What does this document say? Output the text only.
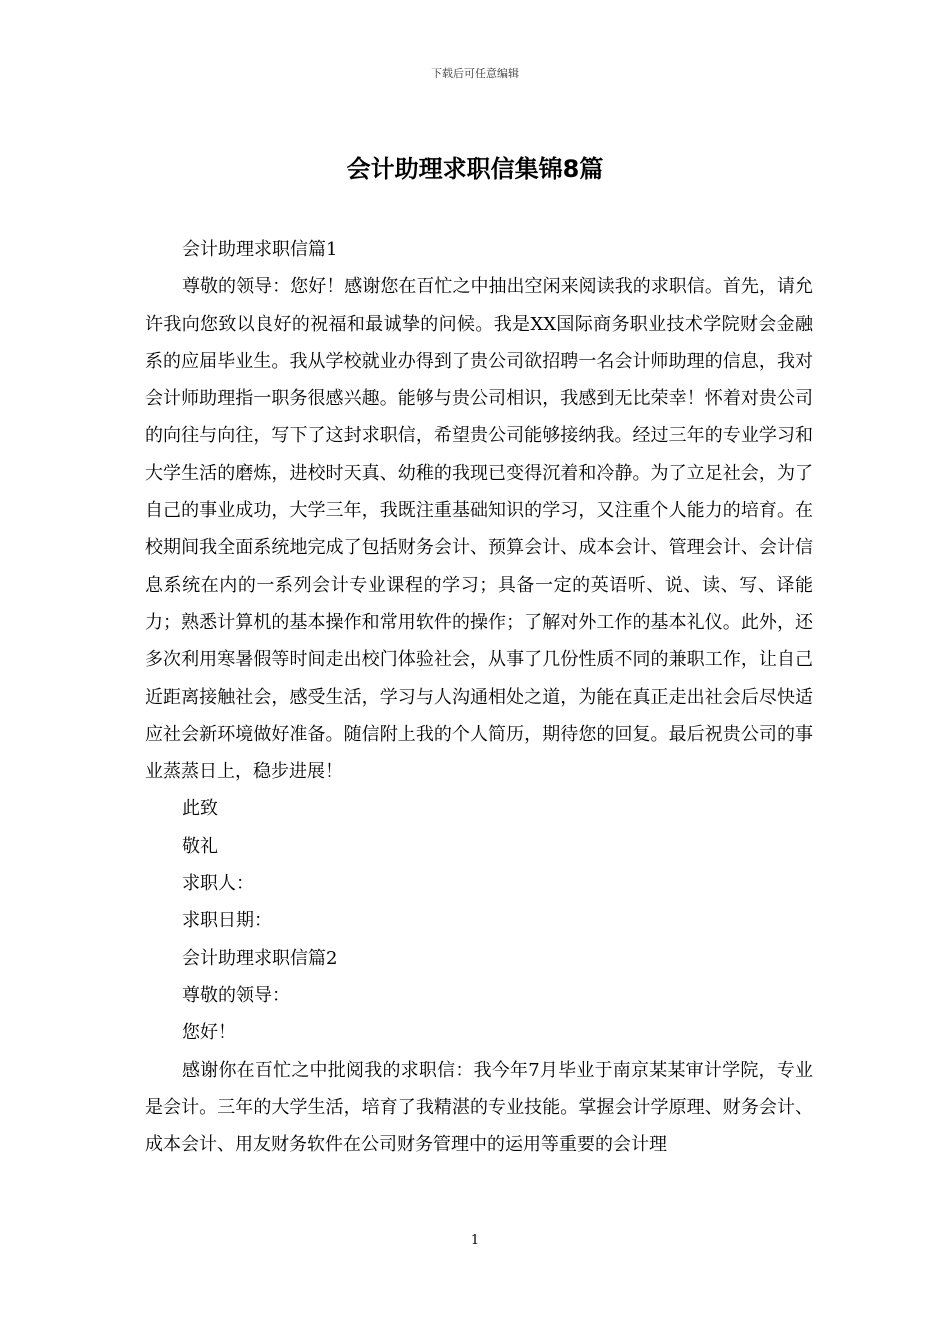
下载后可任意编辑
会计助理求职信集锦8篇

会计助理求职信篇1

尊敬的领导：您好！感谢您在百忙之中抽出空闲来阅读我的求职信。首先，请允许我向您致以良好的祝福和最诚挚的问候。我是XX国际商务职业技术学院财会金融系的应届毕业生。我从学校就业办得到了贵公司欲招聘一名会计师助理的信息，我对会计师助理指一职务很感兴趣。能够与贵公司相识，我感到无比荣幸！怀着对贵公司的向往与向往，写下了这封求职信，希望贵公司能够接纳我。经过三年的专业学习和大学生活的磨炼，进校时天真、幼稚的我现已变得沉着和冷静。为了立足社会，为了自己的事业成功，大学三年，我既注重基础知识的学习，又注重个人能力的培育。在校期间我全面系统地完成了包括财务会计、预算会计、成本会计、管理会计、会计信息系统在内的一系列会计专业课程的学习；具备一定的英语听、说、读、写、译能力；熟悉计算机的基本操作和常用软件的操作；了解对外工作的基本礼仪。此外，还多次利用寒暑假等时间走出校门体验社会，从事了几份性质不同的兼职工作，让自己近距离接触社会，感受生活，学习与人沟通相处之道，为能在真正走出社会后尽快适应社会新环境做好准备。随信附上我的个人简历，期待您的回复。最后祝贵公司的事业蒸蒸日上，稳步进展！

此致

敬礼

求职人：

求职日期：

会计助理求职信篇2

尊敬的领导：

您好！

感谢你在百忙之中批阅我的求职信：我今年7月毕业于南京某某审计学院，专业是会计。三年的大学生活，培育了我精湛的专业技能。掌握会计学原理、财务会计、成本会计、用友财务软件在公司财务管理中的运用等重要的会计理

1
